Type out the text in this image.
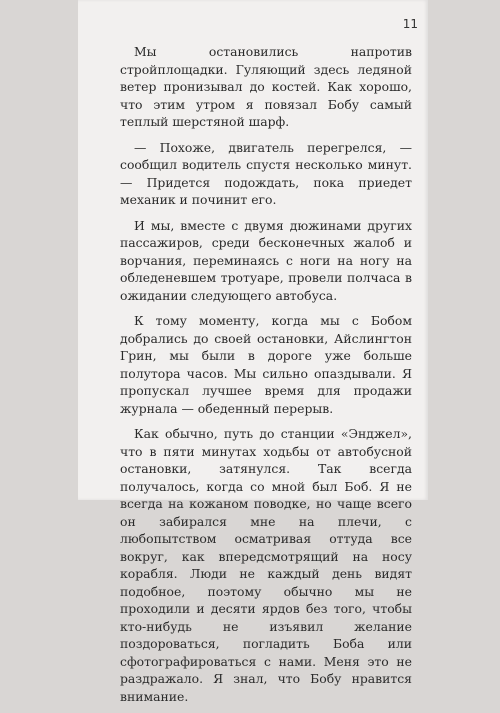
11

Мы остановились напротив стройплощадки. Гуляющий здесь ледяной ветер пронизывал до костей. Как хорошо, что этим утром я повязал Бобу самый теплый шерстяной шарф.

— Похоже, двигатель перегрелся, — сообщил водитель спустя несколько минут. — Придется подождать, пока приедет механик и починит его.

И мы, вместе с двумя дюжинами других пассажиров, среди бесконечных жалоб и ворчания, переминаясь с ноги на ногу на обледеневшем тротуаре, провели полчаса в ожидании следующего автобуса.

К тому моменту, когда мы с Бобом добрались до своей остановки, Айслингтон Грин, мы были в дороге уже больше полутора часов. Мы сильно опаздывали. Я пропускал лучшее время для продажи журнала — обеденный перерыв.

Как обычно, путь до станции «Энджел», что в пяти минутах ходьбы от автобусной остановки, затянулся. Так всегда получалось, когда со мной был Боб. Я не всегда на кожаном поводке, но чаще всего он забирался мне на плечи, с любопытством осматривая оттуда все вокруг, как впередсмотрящий на носу корабля. Люди не каждый день видят подобное, поэтому обычно мы не проходили и десяти ярдов без того, чтобы кто-нибудь не изъявил желание поздороваться, погладить Боба или сфотографироваться с нами. Меня это не раздражало. Я знал, что Бобу нравится внимание.
